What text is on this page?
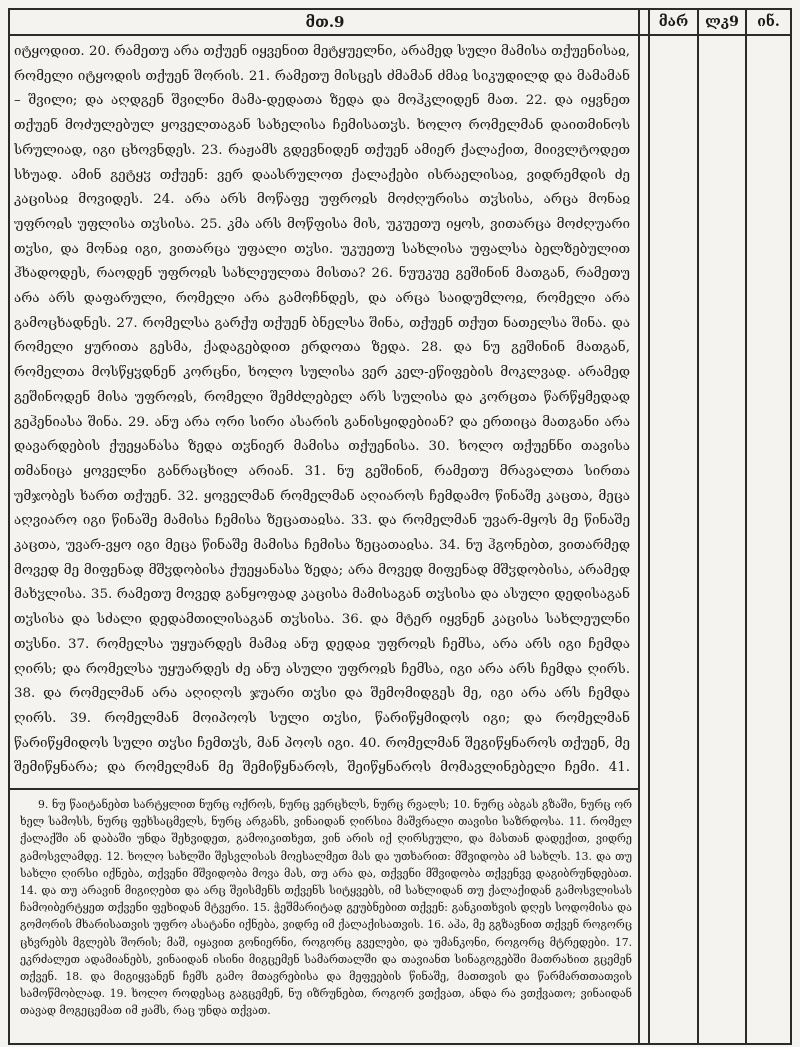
მთ.9	მარ	ლკ9	ინ.

იტყოდით. 20. რამეთუ არა თქუენ იყვენით მეტყუელნი, არამედ სული მამისა თქუენისაჲ, რომელი იტყოდის თქუენ შორის. 21. რამეთუ მისცეს ძმამან ძმაჲ სიკუდილდ და მამამან – შვილი; და აღდგენ შვილნი მამა-დედათა ზედა და მოჰკლიდენ მათ. 22. და იყვნეთ თქუენ მოძულებულ ყოველთაგან სახელისა ჩემისათჳს. ხოლო რომელმან დაითმინოს სრულიად, იგი ცხოვნდეს. 23. რაჟამს გდევნიდენ თქუენ ამიერ ქალაქით, მიივლტოდეთ სხუად. ამინ გეტყჳ თქუენ: ვერ დაასრულოთ ქალაქები ისრაელისაჲ, ვიდრემდის ძე კაცისაჲ მოვიდეს. 24. არა არს მოწაფე უფროჲს მოძღურისა თჳსისა, არცა მონაჲ უფროჲს უფლისა თჳსისა. 25. კმა არს მოწფისა მის, უკუეთუ იყოს, ვითარცა მოძღუარი თჳსი, და მონაჲ იგი, ვითარცა უფალი თჳსი. უკუეთუ სახლისა უფალსა ბელზებულით ჰხადოდეს, რაოდენ უფროჲს სახლეულთა მისთა? 26. ნუუკუე გეშინინ მათგან, რამეთუ არა არს დაფარული, რომელი არა გამოჩნდეს, და არცა საიდუმლოჲ, რომელი არა გამოცხადნეს. 27. რომელსა გარქუ თქუენ ბნელსა შინა, თქუენ თქუთ ნათელსა შინა. და რომელი ყურითა გესმა, ქადაგებდით ერდოთა ზედა. 28. და ნუ გეშინინ მათგან, რომელთა მოსწყჳდნენ კორცნი, ხოლო სულისა ვერ კელ-ეწიფების მოკლვად. არამედ გეშინოდენ მისა უფროჲს, რომელი შემძლებელ არს სულისა და კორცთა წარწყმედად გეჰენიასა შინა. 29. ანუ არა ორი სირი ასარის განისყიდებიან? და ერთიცა მათგანი არა დავარდების ქუეყანასა ზედა თჳნიერ მამისა თქუენისა. 30. ხოლო თქუენნი თავისა თმანიცა ყოველნი განრაცხილ არიან. 31. ნუ გეშინინ, რამეთუ მრავალთა სირთა უმჯობეს ხართ თქუენ. 32. ყოველმან რომელმან აღიაროს ჩემდამო წინაშე კაცთა, მეცა აღვიარო იგი წინაშე მამისა ჩემისა ზეცათაჲსა. 33. და რომელმან უვარ-მყოს მე წინაშე კაცთა, უვარ-ვყო იგი მეცა წინაშე მამისა ჩემისა ზეცათაჲსა. 34. ნუ ჰგონებთ, ვითარმედ მოვედ მე მიფენად მშჳდობისა ქუეყანასა ზედა; არა მოვედ მიფენად მშჳდობისა, არამედ მახჳლისა. 35. რამეთუ მოვედ განყოფად კაცისა მამისაგან თჳსისა და ასული დედისაგან თჳსისა და სძალი დედამთილისაგან თჳსისა. 36. და მტერ იყვნენ კაცისა სახლეულნი თჳსნი. 37. რომელსა უყუარდეს მამაჲ ანუ დედაჲ უფროჲს ჩემსა, არა არს იგი ჩემდა ღირს; და რომელსა უყუარდეს ძე ანუ ასული უფროჲს ჩემსა, იგი არა არს ჩემდა ღირს. 38. და რომელმან არა აღიღოს ჯუარი თჳსი და შემომიდგეს მე, იგი არა არს ჩემდა ღირს. 39. რომელმან მოიპოოს სული თჳსი, წარიწყმიდოს იგი; და რომელმან წარიწყმიდოს სული თჳსი ჩემთჳს, მან პოოს იგი. 40. რომელმან შეგიწყნაროს თქუენ, მე შემიწყნარა; და რომელმან მე შემიწყნაროს, შეიწყნაროს მომავლინებელი ჩემი. 41.

9. ნუ წაიტანებთ სარტყლით ნურც ოქროს, ნურც ვერცხლს, ნურც რვალს; 10. ნურც აბგას გზაში, ნურც ორ ხელ სამოსს, ნურც ფეხსაცმელს, ნურც არგანს, ვინაიდან ღირსია მაშვრალი თავისი საზრდოსა. 11. რომელ ქალაქში ან დაბაში უნდა შეხვიდეთ, გამოიკითხეთ, ვინ არის იქ ღირსეული, და მასთან დადექით, ვიდრე გამოსვლამდე. 12. ხოლო სახლში შესვლისას მოესალმეთ მას და უთხარით: მშვიდობა ამ სახლს. 13. და თუ სახლი ღირსი იქნება, თქვენი მშვიდობა მოვა მას, თუ არა და, თქვენი მშვიდობა თქვენვე დაგიბრუნდებათ. 14. და თუ არავინ მიგიღებთ და არც შეისმენს თქვენს სიტყვებს, იმ სახლიდან თუ ქალაქიდან გამოსვლისას ჩამოიბერტყეთ თქვენი ფეხიდან მტვერი. 15. ჭეშმარიტად გეუბნებით თქვენ: განკითხვის დღეს სოდომისა და გომორის მხარისათვის უფრო ასატანი იქნება, ვიდრე იმ ქალაქისათვის. 16. აჰა, მე გგზავნით თქვენ როგორც ცხვრებს მგლებს შორის; მაშ, იყავით გონიერნი, როგორც გველები, და უმანკონი, როგორც მტრედები. 17. ეკრძალეთ ადამიანებს, ვინაიდან ისინი მიგცემენ სამართალში და თავიანთ სინაგოგებში მათრახით გცემენ თქვენ. 18. და მიგიყვანენ ჩემს გამო მთავრებისა და მეფეების წინაშე, მათთვის და წარმართთათვის სამოწმობლად. 19. ხოლო როდესაც გაგცემენ, ნუ იზრუნებთ, როგორ ვთქვათ, ანდა რა ვთქვათო; ვინაიდან თავად მოგეცემათ იმ ჟამს, რაც უნდა თქვათ.
